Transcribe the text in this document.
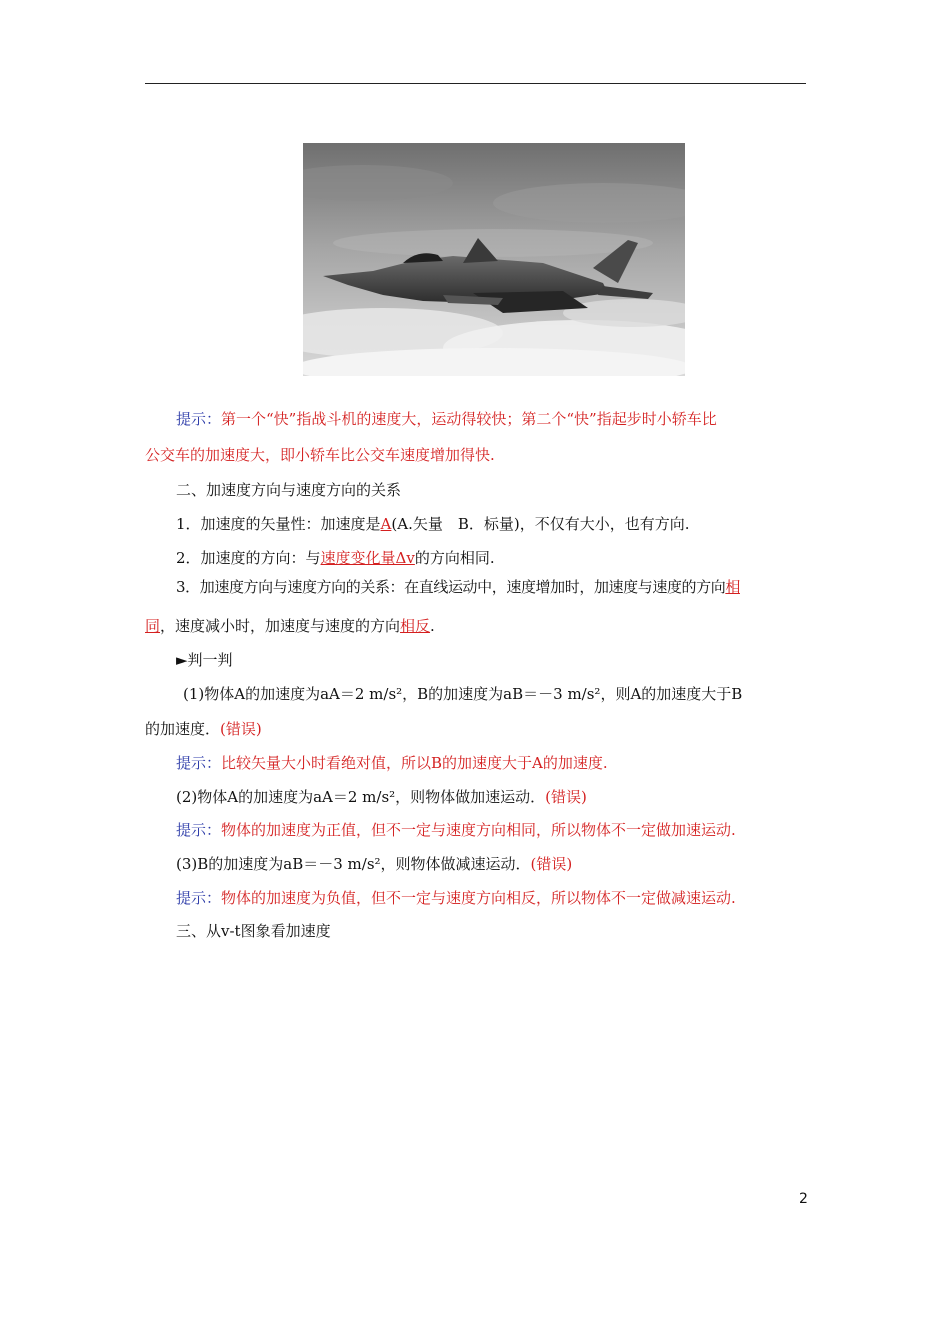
提示：第一个“快”指战斗机的速度大，运动得较快；第二个“快”指起步时小轿车比
公交车的加速度大，即小轿车比公交车速度增加得快.
二、加速度方向与速度方向的关系
1．加速度的矢量性：加速度是A(A.矢量　B．标量)，不仅有大小，也有方向.
2．加速度的方向：与速度变化量Δv的方向相同.
3．加速度方向与速度方向的关系：在直线运动中，速度增加时，加速度与速度的方向相
同，速度减小时，加速度与速度的方向相反.
►判一判
(1)物体A的加速度为aA＝2 m/s²，B的加速度为aB＝－3 m/s²，则A的加速度大于B
的加速度．(错误)
提示：比较矢量大小时看绝对值，所以B的加速度大于A的加速度.
(2)物体A的加速度为aA＝2 m/s²，则物体做加速运动．(错误)
提示：物体的加速度为正值，但不一定与速度方向相同，所以物体不一定做加速运动.
(3)B的加速度为aB＝－3 m/s²，则物体做减速运动．(错误)
提示：物体的加速度为负值，但不一定与速度方向相反，所以物体不一定做减速运动.
三、从v-t图象看加速度
2
